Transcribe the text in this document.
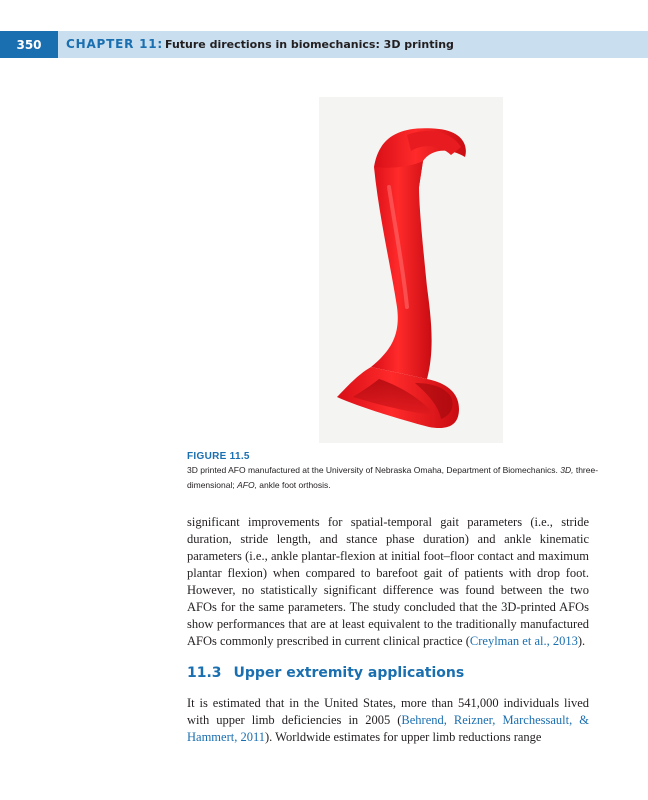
350	CHAPTER 11: Future directions in biomechanics: 3D printing
FIGURE 11.5
3D printed AFO manufactured at the University of Nebraska Omaha, Department of Biomechanics. 3D, three-dimensional; AFO, ankle foot orthosis.

significant improvements for spatial-temporal gait parameters (i.e., stride duration, stride length, and stance phase duration) and ankle kinematic parameters (i.e., ankle plantar-flexion at initial foot–floor contact and maximum plantar flexion) when compared to barefoot gait of patients with drop foot. However, no statistically significant difference was found between the two AFOs for the same parameters. The study concluded that the 3D-printed AFOs show performances that are at least equivalent to the traditionally manufactured AFOs commonly prescribed in current clinical practice (Creylman et al., 2013).

11.3 Upper extremity applications

It is estimated that in the United States, more than 541,000 individuals lived with upper limb deficiencies in 2005 (Behrend, Reizner, Marchessault, & Hammert, 2011). Worldwide estimates for upper limb reductions range
